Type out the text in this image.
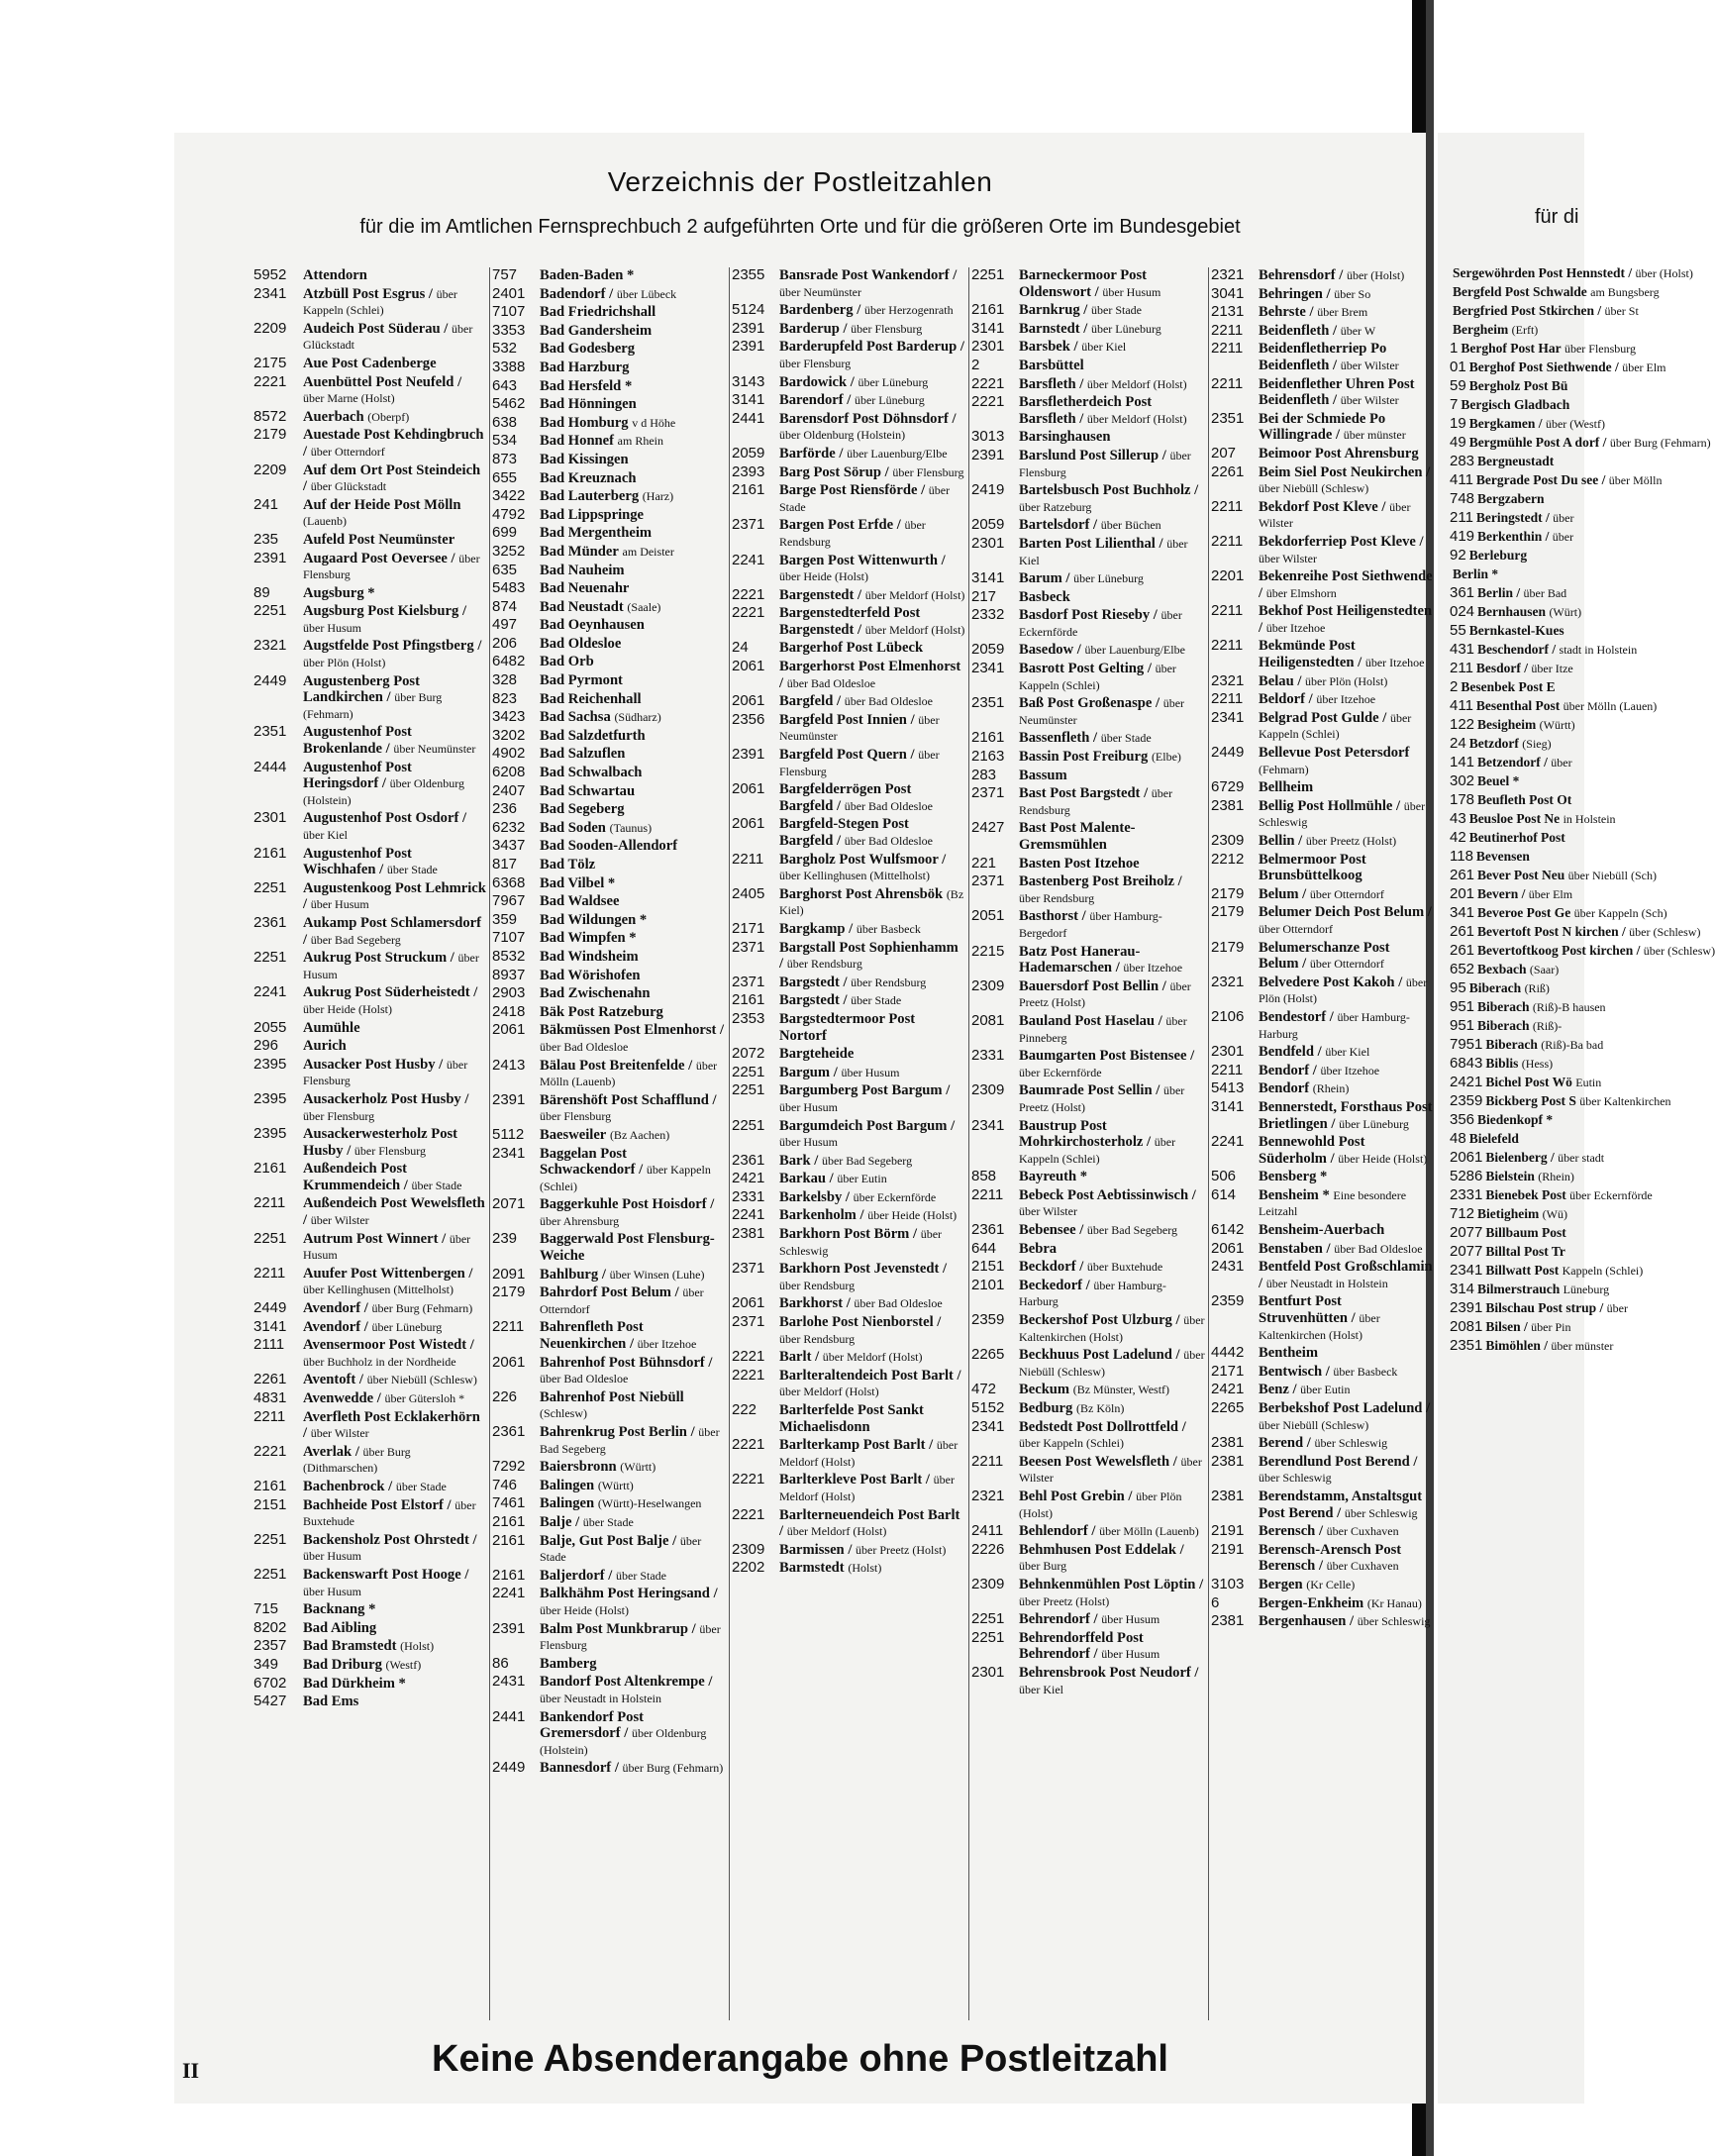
Sergewöhrden Post Hennstedt / über (Holst)
Bergfeld Post Schwalde am Bungsberg
Bergfried Post Stkirchen / über St
Bergheim (Erft)
1 Berghof Post Har über Flensburg
01 Berghof Post Siethwende / über Elm
59 Bergholz Post Bü
7 Bergisch Gladbach
19 Bergkamen / über (Westf)
49 Bergmühle Post A dorf / über Burg (Fehmarn)
283 Bergneustadt
411 Bergrade Post Du see / über Mölln
748 Bergzabern
211 Beringstedt / über
419 Berkenthin / über
92 Berleburg
Berlin *
361 Berlin / über Bad
024 Bernhausen (Würt)
55 Bernkastel-Kues
431 Beschendorf / stadt in Holstein
211 Besdorf / über Itze
2 Besenbek Post E
411 Besenthal Post über Mölln (Lauen)
122 Besigheim (Württ)
24 Betzdorf (Sieg)
141 Betzendorf / über
302 Beuel *
178 Beufleth Post Ot
43 Beusloe Post Ne in Holstein
42 Beutinerhof Post
118 Bevensen
261 Bever Post Neu über Niebüll (Sch)
201 Bevern / über Elm
341 Beveroe Post Ge über Kappeln (Sch)
261 Bevertoft Post N kirchen / über (Schlesw)
261 Bevertoftkoog Post kirchen / über (Schlesw)
652 Bexbach (Saar)
95 Biberach (Riß)
951 Biberach (Riß)-B hausen
951 Biberach (Riß)-
7951 Biberach (Riß)-Ba bad
6843 Biblis (Hess)
2421 Bichel Post Wö Eutin
2359 Bickberg Post S über Kaltenkirchen
356 Biedenkopf *
48 Bielefeld
2061 Bielenberg / über stadt
5286 Bielstein (Rhein)
2331 Bienebek Post über Eckernförde
712 Bietigheim (Wü)
2077 Billbaum Post
2077 Billtal Post Tr
2341 Billwatt Post Kappeln (Schlei)
314 Bilmerstrauch Lüneburg
2391 Bilschau Post strup / über
2081 Bilsen / über Pin
2351 Bimöhlen / über münster
Verzeichnis der Postleitzahlen
für die im Amtlichen Fernsprechbuch 2 aufgeführten Orte und für die größeren Orte im Bundesgebiet	für di
5952 Attendorn
2341 Atzbüll Post Esgrus / über Kappeln (Schlei)
2209 Audeich Post Süderau / über Glückstadt
2175 Aue Post Cadenberge
2221 Auenbüttel Post Neufeld / über Marne (Holst)
8572 Auerbach (Oberpf)
2179 Auestade Post Kehdingbruch / über Otterndorf
2209 Auf dem Ort Post Steindeich / über Glückstadt
241 Auf der Heide Post Mölln (Lauenb)
235 Aufeld Post Neumünster
2391 Augaard Post Oeversee / über Flensburg
89 Augsburg *
2251 Augsburg Post Kielsburg / über Husum
2321 Augstfelde Post Pfingstberg / über Plön (Holst)
2449 Augustenberg Post Landkirchen / über Burg (Fehmarn)
2351 Augustenhof Post Brokenlande / über Neumünster
2444 Augustenhof Post Heringsdorf / über Oldenburg (Holstein)
2301 Augustenhof Post Osdorf / über Kiel
2161 Augustenhof Post Wischhafen / über Stade
2251 Augustenkoog Post Lehmrick / über Husum
2361 Aukamp Post Schlamersdorf / über Bad Segeberg
2251 Aukrug Post Struckum / über Husum
2241 Aukrug Post Süderheistedt / über Heide (Holst)
2055 Aumühle
296 Aurich
2395 Ausacker Post Husby / über Flensburg
2395 Ausackerholz Post Husby / über Flensburg
2395 Ausackerwesterholz Post Husby / über Flensburg
2161 Außendeich Post Krummendeich / über Stade
2211 Außendeich Post Wewelsfleth / über Wilster
2251 Autrum Post Winnert / über Husum
2211 Auufer Post Wittenbergen / über Kellinghusen (Mittelholst)
2449 Avendorf / über Burg (Fehmarn)
3141 Avendorf / über Lüneburg
2111 Avensermoor Post Wistedt / über Buchholz in der Nordheide
2261 Aventoft / über Niebüll (Schlesw)
4831 Avenwedde / über Gütersloh *
2211 Averfleth Post Ecklakerhörn / über Wilster
2221 Averlak / über Burg (Dithmarschen)
2161 Bachenbrock / über Stade
2151 Bachheide Post Elstorf / über Buxtehude
2251 Backensholz Post Ohrstedt / über Husum
2251 Backenswarft Post Hooge / über Husum
715 Backnang *
8202 Bad Aibling
2357 Bad Bramstedt (Holst)
349 Bad Driburg (Westf)
6702 Bad Dürkheim *
5427 Bad Ems
757 Baden-Baden *
2401 Badendorf / über Lübeck
7107 Bad Friedrichshall
3353 Bad Gandersheim
532 Bad Godesberg
3388 Bad Harzburg
643 Bad Hersfeld *
5462 Bad Hönningen
638 Bad Homburg v d Höhe
534 Bad Honnef am Rhein
873 Bad Kissingen
655 Bad Kreuznach
3422 Bad Lauterberg (Harz)
4792 Bad Lippspringe
699 Bad Mergentheim
3252 Bad Münder am Deister
635 Bad Nauheim
5483 Bad Neuenahr
874 Bad Neustadt (Saale)
497 Bad Oeynhausen
206 Bad Oldesloe
6482 Bad Orb
328 Bad Pyrmont
823 Bad Reichenhall
3423 Bad Sachsa (Südharz)
3202 Bad Salzdetfurth
4902 Bad Salzuflen
6208 Bad Schwalbach
2407 Bad Schwartau
236 Bad Segeberg
6232 Bad Soden (Taunus)
3437 Bad Sooden-Allendorf
817 Bad Tölz
6368 Bad Vilbel *
7967 Bad Waldsee
359 Bad Wildungen *
7107 Bad Wimpfen *
8532 Bad Windsheim
8937 Bad Wörishofen
2903 Bad Zwischenahn
2418 Bäk Post Ratzeburg
2061 Bäkmüssen Post Elmenhorst / über Bad Oldesloe
2413 Bälau Post Breitenfelde / über Mölln (Lauenb)
2391 Bärenshöft Post Schafflund / über Flensburg
5112 Baesweiler (Bz Aachen)
2341 Baggelan Post Schwackendorf / über Kappeln (Schlei)
2071 Baggerkuhle Post Hoisdorf / über Ahrensburg
239 Baggerwald Post Flensburg-Weiche
2091 Bahlburg / über Winsen (Luhe)
2179 Bahrdorf Post Belum / über Otterndorf
2211 Bahrenfleth Post Neuenkirchen / über Itzehoe
2061 Bahrenhof Post Bühnsdorf / über Bad Oldesloe
226 Bahrenhof Post Niebüll (Schlesw)
2361 Bahrenkrug Post Berlin / über Bad Segeberg
7292 Baiersbronn (Württ)
746 Balingen (Württ)
7461 Balingen (Württ)-Heselwangen
2161 Balje / über Stade
2161 Balje, Gut Post Balje / über Stade
2161 Baljerdorf / über Stade
2241 Balkhähm Post Heringsand / über Heide (Holst)
2391 Balm Post Munkbrarup / über Flensburg
86 Bamberg
2431 Bandorf Post Altenkrempe / über Neustadt in Holstein
2441 Bankendorf Post Gremersdorf / über Oldenburg (Holstein)
2449 Bannesdorf / über Burg (Fehmarn)
2355 Bansrade Post Wankendorf / über Neumünster
5124 Bardenberg / über Herzogenrath
2391 Barderup / über Flensburg
2391 Barderupfeld Post Barderup / über Flensburg
3143 Bardowick / über Lüneburg
3141 Barendorf / über Lüneburg
2441 Barensdorf Post Döhnsdorf / über Oldenburg (Holstein)
2059 Barförde / über Lauenburg/Elbe
2393 Barg Post Sörup / über Flensburg
2161 Barge Post Riensförde / über Stade
2371 Bargen Post Erfde / über Rendsburg
2241 Bargen Post Wittenwurth / über Heide (Holst)
2221 Bargenstedt / über Meldorf (Holst)
2221 Bargenstedterfeld Post Bargenstedt / über Meldorf (Holst)
24 Bargerhof Post Lübeck
2061 Bargerhorst Post Elmenhorst / über Bad Oldesloe
2061 Bargfeld / über Bad Oldesloe
2356 Bargfeld Post Innien / über Neumünster
2391 Bargfeld Post Quern / über Flensburg
2061 Bargfelderrögen Post Bargfeld / über Bad Oldesloe
2061 Bargfeld-Stegen Post Bargfeld / über Bad Oldesloe
2211 Bargholz Post Wulfsmoor / über Kellinghusen (Mittelholst)
2405 Barghorst Post Ahrensbök (Bz Kiel)
2171 Bargkamp / über Basbeck
2371 Bargstall Post Sophienhamm / über Rendsburg
2371 Bargstedt / über Rendsburg
2161 Bargstedt / über Stade
2353 Bargstedtermoor Post Nortorf
2072 Bargteheide
2251 Bargum / über Husum
2251 Bargumberg Post Bargum / über Husum
2251 Bargumdeich Post Bargum / über Husum
2361 Bark / über Bad Segeberg
2421 Barkau / über Eutin
2331 Barkelsby / über Eckernförde
2241 Barkenholm / über Heide (Holst)
2381 Barkhorn Post Börm / über Schleswig
2371 Barkhorn Post Jevenstedt / über Rendsburg
2061 Barkhorst / über Bad Oldesloe
2371 Barlohe Post Nienborstel / über Rendsburg
2221 Barlt / über Meldorf (Holst)
2221 Barlteraltendeich Post Barlt / über Meldorf (Holst)
222 Barlterfelde Post Sankt Michaelisdonn
2221 Barlterkamp Post Barlt / über Meldorf (Holst)
2221 Barlterkleve Post Barlt / über Meldorf (Holst)
2221 Barlterneuendeich Post Barlt / über Meldorf (Holst)
2309 Barmissen / über Preetz (Holst)
2202 Barmstedt (Holst)
2251 Barneckermoor Post Oldenswort / über Husum
2161 Barnkrug / über Stade
3141 Barnstedt / über Lüneburg
2301 Barsbek / über Kiel
2	Barsbüttel
2221 Barsfleth / über Meldorf (Holst)
2221 Barsfletherdeich Post Barsfleth / über Meldorf (Holst)
3013 Barsinghausen
2391 Barslund Post Sillerup / über Flensburg
2419 Bartelsbusch Post Buchholz / über Ratzeburg
2059 Bartelsdorf / über Büchen
2301 Barten Post Lilienthal / über Kiel
3141 Barum / über Lüneburg
217 Basbeck
2332 Basdorf Post Rieseby / über Eckernförde
2059 Basedow / über Lauenburg/Elbe
2341 Basrott Post Gelting / über Kappeln (Schlei)
2351 Baß Post Großenaspe / über Neumünster
2161 Bassenfleth / über Stade
2163 Bassin Post Freiburg (Elbe)
283 Bassum
2371 Bast Post Bargstedt / über Rendsburg
2427 Bast Post Malente-Gremsmühlen
221 Basten Post Itzehoe
2371 Bastenberg Post Breiholz / über Rendsburg
2051 Basthorst / über Hamburg-Bergedorf
2215 Batz Post Hanerau-Hademarschen / über Itzehoe
2309 Bauersdorf Post Bellin / über Preetz (Holst)
2081 Bauland Post Haselau / über Pinneberg
2331 Baumgarten Post Bistensee / über Eckernförde
2309 Baumrade Post Sellin / über Preetz (Holst)
2341 Baustrup Post Mohrkirchosterholz / über Kappeln (Schlei)
858 Bayreuth *
2211 Bebeck Post Aebtissinwisch / über Wilster
2361 Bebensee / über Bad Segeberg
644 Bebra
2151 Beckdorf / über Buxtehude
2101 Beckedorf / über Hamburg-Harburg
2359 Beckershof Post Ulzburg / über Kaltenkirchen (Holst)
2265 Beckhuus Post Ladelund / über Niebüll (Schlesw)
472 Beckum (Bz Münster, Westf)
5152 Bedburg (Bz Köln)
2341 Bedstedt Post Dollrottfeld / über Kappeln (Schlei)
2211 Beesen Post Wewelsfleth / über Wilster
2321 Behl Post Grebin / über Plön (Holst)
2411 Behlendorf / über Mölln (Lauenb)
2226 Behmhusen Post Eddelak / über Burg
2309 Behnkenmühlen Post Löptin / über Preetz (Holst)
2251 Behrendorf / über Husum
2251 Behrendorffeld Post Behrendorf / über Husum
2301 Behrensbrook Post Neudorf / über Kiel
2321 Behrensdorf / über (Holst)
3041 Behringen / über So
2131 Behrste / über Brem
2211 Beidenfleth / über W
2211 Beidenfletherriep Po Beidenfleth / über Wilster
2211 Beidenflether Uhren Post Beidenfleth / über Wilster
2351 Bei der Schmiede Po Willingrade / über münster
207 Beimoor Post Ahrensburg
2261 Beim Siel Post Neukirchen / über Niebüll (Schlesw)
2211 Bekdorf Post Kleve / über Wilster
2211 Bekdorferriep Post Kleve / über Wilster
2201 Bekenreihe Post Siethwende / über Elmshorn
2211 Bekhof Post Heiligenstedten / über Itzehoe
2211 Bekmünde Post Heiligenstedten / über Itzehoe
2321 Belau / über Plön (Holst)
2211 Beldorf / über Itzehoe
2341 Belgrad Post Gulde / über Kappeln (Schlei)
2449 Bellevue Post Petersdorf (Fehmarn)
6729 Bellheim
2381 Bellig Post Hollmühle / über Schleswig
2309 Bellin / über Preetz (Holst)
2212 Belmermoor Post Brunsbüttelkoog
2179 Belum / über Otterndorf
2179 Belumer Deich Post Belum / über Otterndorf
2179 Belumerschanze Post Belum / über Otterndorf
2321 Belvedere Post Kakoh / über Plön (Holst)
2106 Bendestorf / über Hamburg-Harburg
2301 Bendfeld / über Kiel
2211 Bendorf / über Itzehoe
5413 Bendorf (Rhein)
3141 Bennerstedt, Forsthaus Post Brietlingen / über Lüneburg
2241 Bennewohld Post Süderholm / über Heide (Holst)
506 Bensberg *
614 Bensheim * Eine besondere Leitzahl
6142 Bensheim-Auerbach
2061 Benstaben / über Bad Oldesloe
2431 Bentfeld Post Großschlamin / über Neustadt in Holstein
2359 Bentfurt Post Struvenhütten / über Kaltenkirchen (Holst)
4442 Bentheim
2171 Bentwisch / über Basbeck
2421 Benz / über Eutin
2265 Berbekshof Post Ladelund / über Niebüll (Schlesw)
2381 Berend / über Schleswig
2381 Berendlund Post Berend / über Schleswig
2381 Berendstamm, Anstaltsgut Post Berend / über Schleswig
2191 Berensch / über Cuxhaven
2191 Berensch-Arensch Post Berensch / über Cuxhaven
3103 Bergen (Kr Celle)
6	Bergen-Enkheim (Kr Hanau)
2381 Bergenhausen / über Schleswig
II	Keine Absenderangabe ohne Postleitzahl
